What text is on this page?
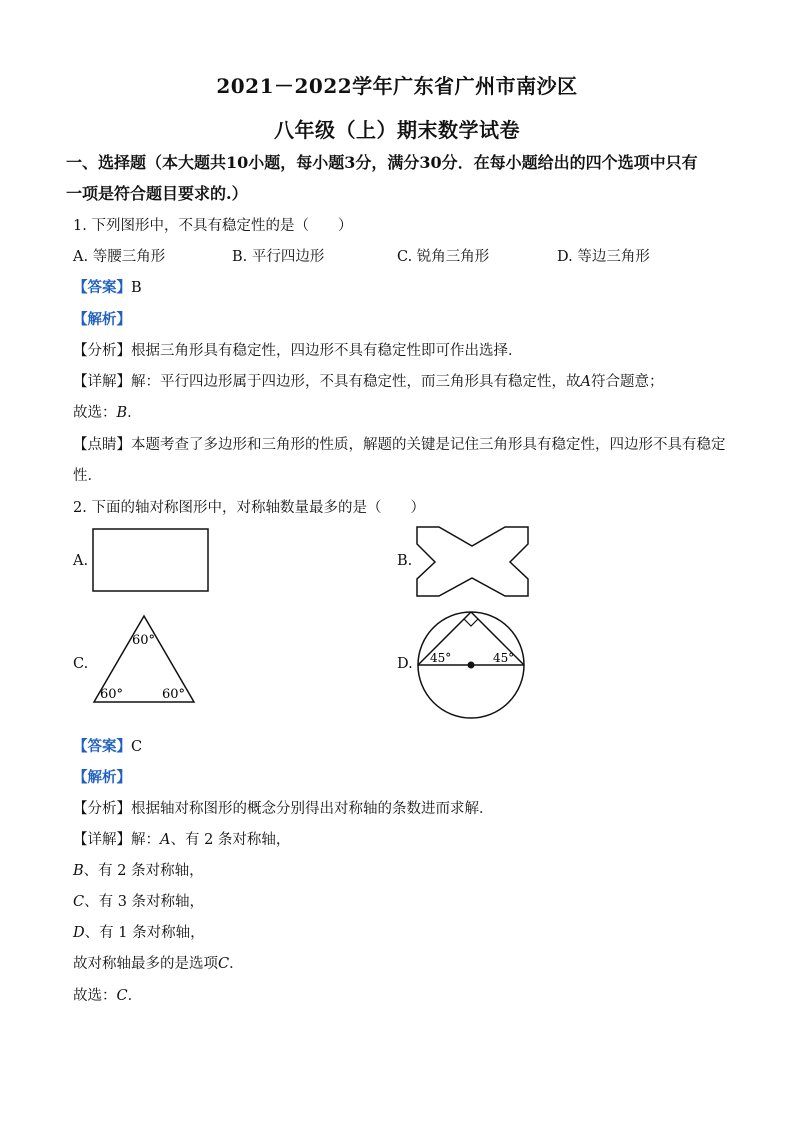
2021－2022学年广东省广州市南沙区
八年级（上）期末数学试卷
一、选择题（本大题共10小题，每小题3分，满分30分．在每小题给出的四个选项中只有
一项是符合题目要求的.）
1. 下列图形中，不具有稳定性的是（　　）
A. 等腰三角形	B. 平行四边形	C. 锐角三角形	D. 等边三角形
【答案】B
【解析】
【分析】根据三角形具有稳定性，四边形不具有稳定性即可作出选择．
【详解】解：平行四边形属于四边形，不具有稳定性，而三角形具有稳定性，故A符合题意；
故选：B．
【点睛】本题考查了多边形和三角形的性质，解题的关键是记住三角形具有稳定性，四边形不具有稳定
性．
2. 下面的轴对称图形中，对称轴数量最多的是（　　）
A.	B.
C.
60°
60°	60°
D. 45°	45°
【答案】C
【解析】
【分析】根据轴对称图形的概念分别得出对称轴的条数进而求解．
【详解】解：A、有 2 条对称轴，
B、有 2 条对称轴，
C、有 3 条对称轴，
D、有 1 条对称轴，
故对称轴最多的是选项C．
故选：C．
